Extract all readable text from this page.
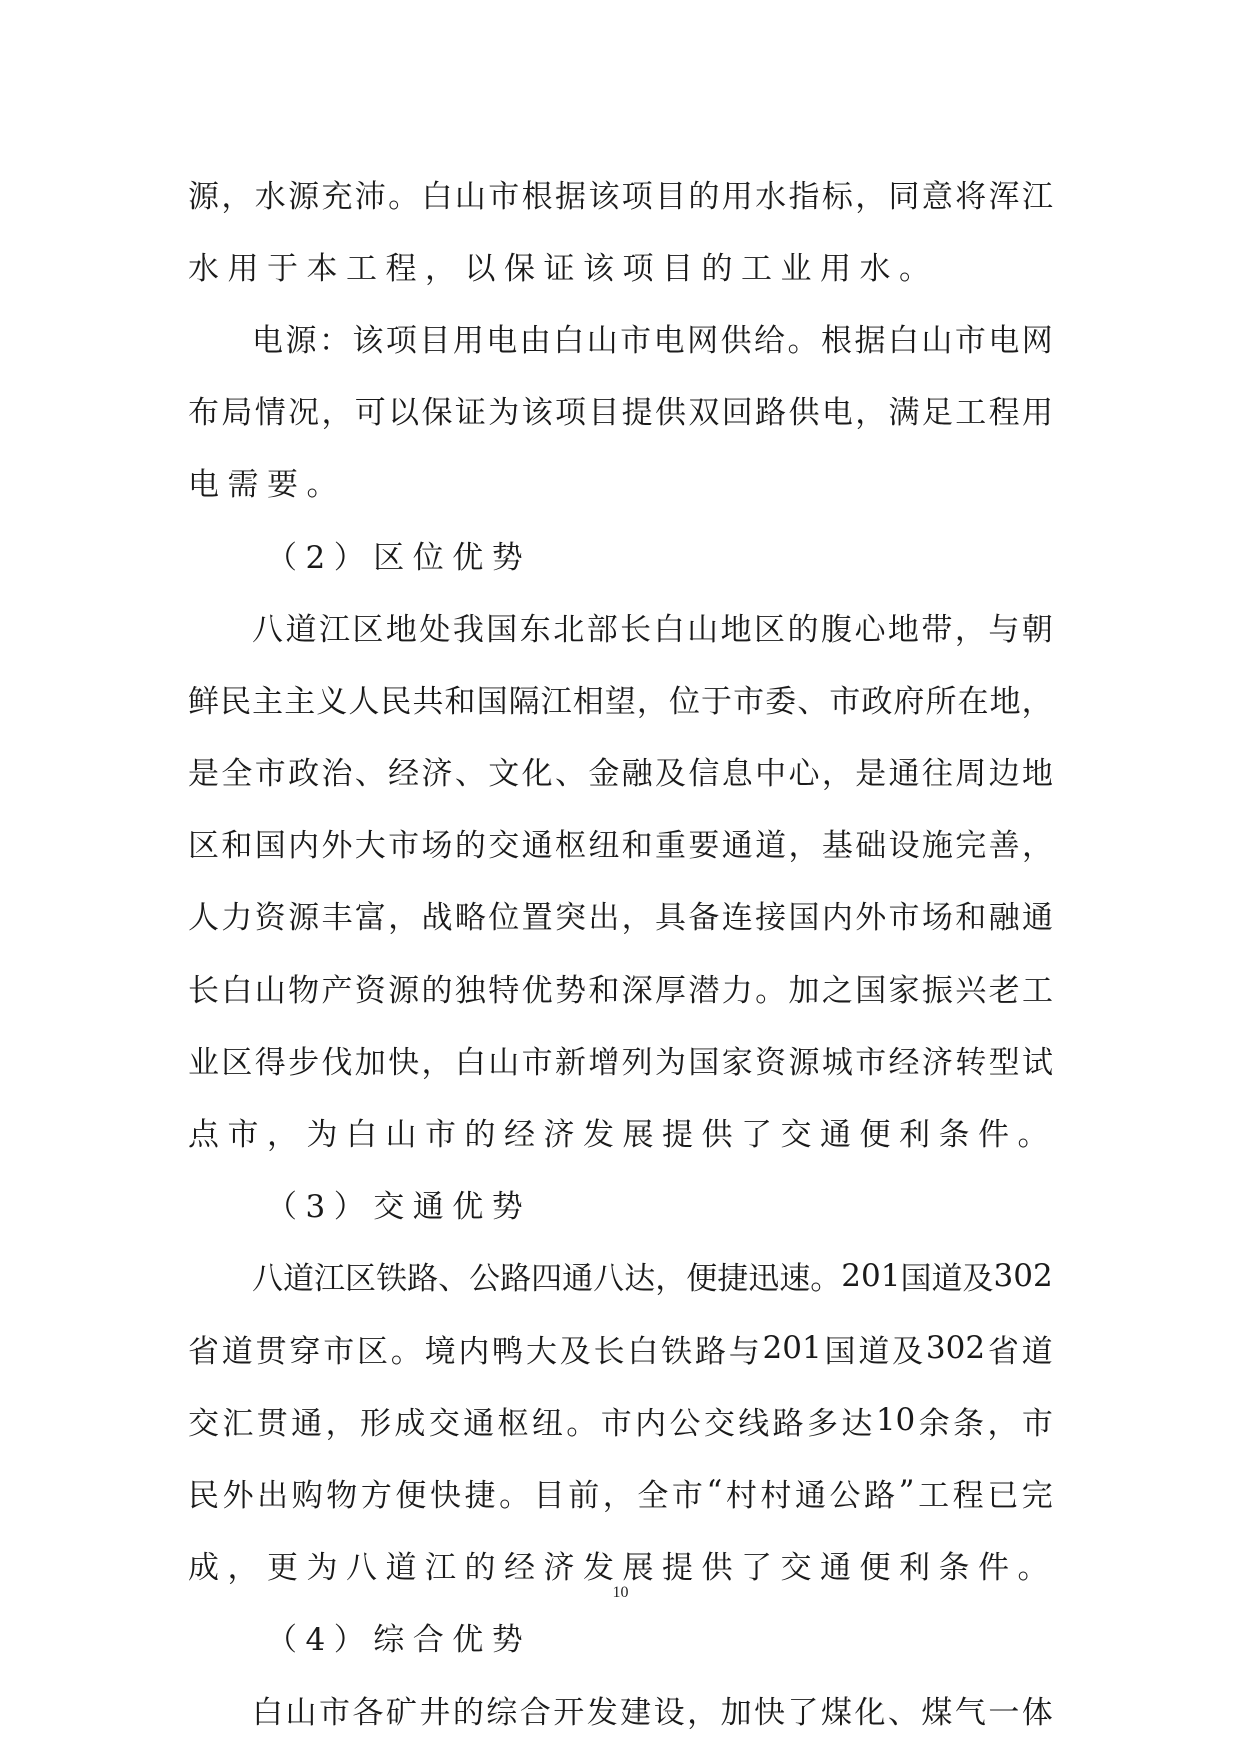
源 ， 水 源 充 沛 。 白 山 市 根 据 该 项 目 的 用 水 指 标 ， 同 意 将 浑 江
水用于本工程，以保证该项目的工业用水。
电 源 ： 该 项 目 用 电 由 白 山 市 电 网 供 给 。 根 据 白 山 市 电 网
布 局 情 况 ， 可 以 保 证 为 该 项 目 提 供 双 回 路 供 电 ， 满 足 工 程 用
电需要。
（2）区位优势
八 道 江 区 地 处 我 国 东 北 部 长 白 山 地 区 的 腹 心 地 带 ， 与 朝
鲜 民 主 主 义 人 民 共 和 国 隔 江 相 望 ， 位 于 市 委 、 市 政 府 所 在 地 ，
是 全 市 政 治 、 经 济 、 文 化 、 金 融 及 信 息 中 心 ， 是 通 往 周 边 地
区 和 国 内 外 大 市 场 的 交 通 枢 纽 和 重 要 通 道 ， 基 础 设 施 完 善 ，
人 力 资 源 丰 富 ， 战 略 位 置 突 出 ， 具 备 连 接 国 内 外 市 场 和 融 通
长 白 山 物 产 资 源 的 独 特 优 势 和 深 厚 潜 力 。 加 之 国 家 振 兴 老 工
业 区 得 步 伐 加 快 ， 白 山 市 新 增 列 为 国 家 资 源 城 市 经 济 转 型 试
点市，为白山市的经济发展提供了交通便利条件。
（3）交通优势
八 道 江 区 铁 路 、 公 路 四 通 八 达 ， 便 捷 迅 速 。 201 国 道 及 302
省 道 贯 穿 市 区 。 境 内 鸭 大 及 长 白 铁 路 与 201 国 道 及 302 省 道
交 汇 贯 通 ， 形 成 交 通 枢 纽 。 市 内 公 交 线 路 多 达 10 余 条 ， 市
民 外 出 购 物 方 便 快 捷 。 目 前 ， 全 市 “ 村 村 通 公 路 ” 工 程 已 完
成，更为八道江的经济发展提供了交通便利条件。
（4）综合优势
白 山 市 各 矿 井 的 综 合 开 发 建 设 ， 加 快 了 煤 化 、 煤 气 一 体
10
